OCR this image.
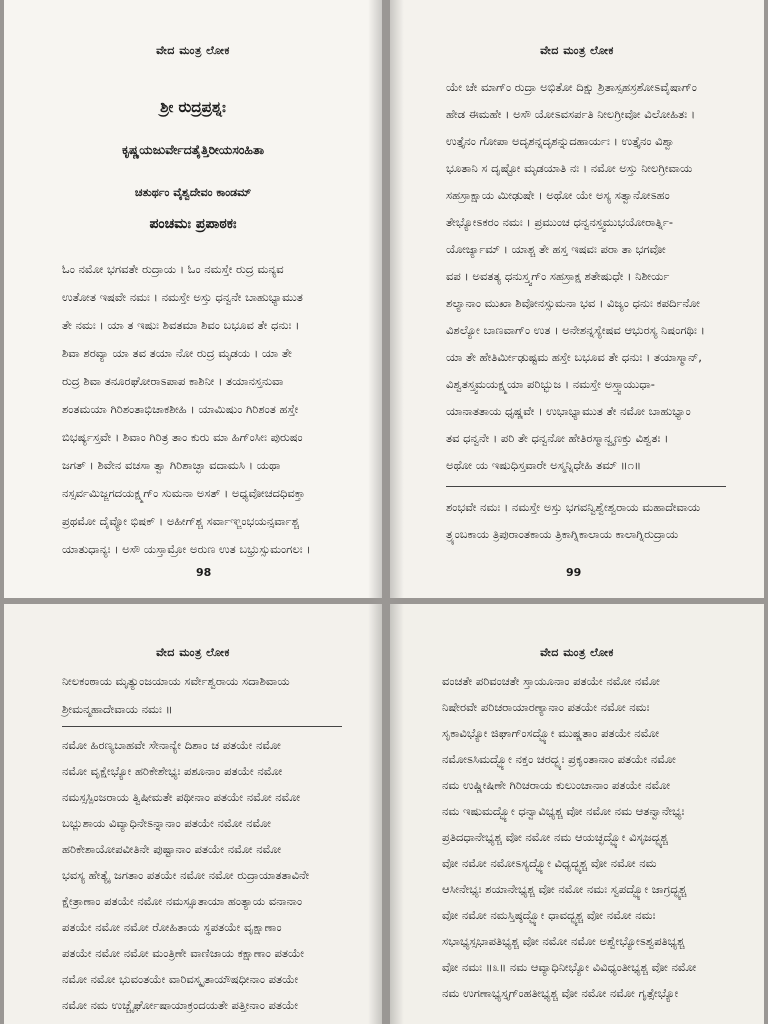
ವೇದ ಮಂತ್ರ ಲೋಕ
ಶ್ರೀ ರುದ್ರಪ್ರಶ್ನಃ
ಕೃಷ್ಣಯಜುರ್ವೇದತೈತ್ತಿರೀಯಸಂಹಿತಾ
ಚತುರ್ಥಂ ವೈಶ್ವದೇವಂ ಕಾಂಡಮ್
ಪಂಚಮಃ ಪ್ರಪಾಠಕಃ
ಓಂ ನಮೋ ಭಗವತೇ ರುದ್ರಾಯ । ಓಂ ನಮಸ್ತೇ ರುದ್ರ ಮನ್ಯವ
ಉತೋತ ಇಷವೇ ನಮಃ । ನಮಸ್ತೇ ಅಸ್ತು ಧನ್ವನೇ ಬಾಹುಭ್ಯಾಮುತ
ತೇ ನಮಃ । ಯಾ ತ ಇಷುಃ ಶಿವತಮಾ ಶಿವಂ ಬಭೂವ ತೇ ಧನುಃ ।
ಶಿವಾ ಶರವ್ಯಾ ಯಾ ತವ ತಯಾ ನೋ ರುದ್ರ ಮೃಡಯ । ಯಾ ತೇ
ರುದ್ರ ಶಿವಾ ತನೂರಘೋರಾಽಪಾಪ ಕಾಶಿನೀ । ತಯಾನಸ್ತನುವಾ
ಶಂತಮಯಾ ಗಿರಿಶಂತಾಭಿಚಾಕಶೀಹಿ । ಯಾಮಿಷುಂ ಗಿರಿಶಂತ ಹಸ್ತೇ
ಬಿಭರ್ಷ್ಯಸ್ತವೇ । ಶಿವಾಂ ಗಿರಿತ್ರ ತಾಂ ಕುರು ಮಾ ಹಿಗ್‌ಂಸೀಃ ಪುರುಷಂ
ಜಗತ್ । ಶಿವೇನ ವಚಸಾ ತ್ವಾ ಗಿರಿಶಾಚ್ಛಾ ವದಾಮಸಿ । ಯಥಾ
ನಸ್ಸರ್ವಮಿಜ್ಜಗದಯಕ್ಷ್ಮಗ್‌ಂ ಸುಮನಾ ಅಸತ್ । ಅಧ್ಯವೋಚದಧಿವಕ್ತಾ
ಪ್ರಥಮೋ ದೈವ್ಯೋ ಭಿಷಕ್ । ಅಹೀಗ್‌ಶ್ಚ ಸರ್ವಾಞ್ಜಂಭಯನ್ಸರ್ವಾಶ್ಚ
ಯಾತುಧಾನ್ಯಃ । ಅಸೌ ಯಸ್ತಾಮ್ರೋ ಅರುಣ ಉತ ಬಭ್ರುಸ್ಸುಮಂಗಲಃ ।
98
ವೇದ ಮಂತ್ರ ಲೋಕ
ಯೇ ಚೇ ಮಾಗ್‌ಂ ರುದ್ರಾ ಅಭಿತೋ ದಿಕ್ಷು ಶ್ರಿತಾಸ್ಸಹಸ್ರಶೋಽವೈಷಾಗ್‌ಂ
ಹೇಡ ಈಮಹೇ । ಅಸೌ ಯೋಽವಸರ್ಪತಿ ನೀಲಗ್ರೀವೋ ವಿಲೋಹಿತಃ ।
ಉತ್ತೈನಂ ಗೋಪಾ ಅದೃಶನ್ನದೃಶನ್ನುದಹಾರ್ಯಃ । ಉತ್ತೈನಂ ವಿಶ್ವಾ
ಭೂತಾನಿ ಸ ದೃಷ್ಟೋ ಮೃಡಯಾತಿ ನಃ । ನಮೋ ಅಸ್ತು ನೀಲಗ್ರೀವಾಯ
ಸಹಸ್ರಾಕ್ಷಾಯ ಮೀಢುಷೇ । ಅಥೋ ಯೇ ಅಸ್ಯ ಸತ್ವಾನೋಽಹಂ
ತೇಭ್ಯೋಽಕರಂ ನಮಃ । ಪ್ರಮುಂಚ ಧನ್ವನಸ್ತ್ವಮುಭಯೋರಾರ್ತ್ನಿ-
ಯೋರ್ಜ್ಯಾಮ್ । ಯಾಶ್ಚ ತೇ ಹಸ್ತ ಇಷವಃ ಪರಾ ತಾ ಭಗವೋ
ವಪ । ಅವತತ್ಯ ಧನುಸ್ತ್ವಗ್‌ಂ ಸಹಸ್ರಾಕ್ಷ ಶತೇಷುಧೇ । ನಿಶೀರ್ಯ
ಶಲ್ಯಾನಾಂ ಮುಖಾ ಶಿವೋನಸ್ಸುಮನಾ ಭವ । ವಿಜ್ಯಂ ಧನುಃ ಕಪರ್ದಿನೋ
ವಿಶಲ್ಯೋ ಬಾಣವಾಗ್‌ಂ ಉತ । ಅನೇಶನ್ನಸ್ಯೇಷವ ಆಭುರಸ್ಯ ನಿಷಂಗಥಿಃ ।
ಯಾ ತೇ ಹೇತಿರ್ಮೀಢುಷ್ಟಮ ಹಸ್ತೇ ಬಭೂವ ತೇ ಧನುಃ । ತಯಾಸ್ಮಾನ್,
ವಿಶ್ವತಸ್ತ್ವಮಯಕ್ಷ್ಮಯಾ ಪರಿಭ್ಭುಜ । ನಮಸ್ತೇ ಅಸ್ತ್ವಾಯುಧಾ-
ಯಾನಾತತಾಯ ಧೃಷ್ಣವೇ । ಉಭಾಭ್ಯಾಮುತ ತೇ ನಮೋ ಬಾಹುಭ್ಯಾಂ
ತವ ಧನ್ವನೇ । ಪರಿ ತೇ ಧನ್ವನೋ ಹೇತಿರಸ್ಮಾನ್ವೃಣಕ್ತು ವಿಶ್ವತಃ ।
ಅಥೋ ಯ ಇಷುಧಿಸ್ತವಾರೇ ಅಸ್ಮನ್ನಿಧೇಹಿ ತಮ್ ॥೧॥
ಶಂಭವೇ ನಮಃ । ನಮಸ್ತೇ ಅಸ್ತು ಭಗವನ್ವಿಶ್ವೇಶ್ವರಾಯ ಮಹಾದೇವಾಯ
ತ್ರ್ಯಂಬಕಾಯ ತ್ರಿಪುರಾಂತಕಾಯ ತ್ರಿಕಾಗ್ನಿಕಾಲಾಯ ಕಾಲಾಗ್ನಿರುದ್ರಾಯ
99
ವೇದ ಮಂತ್ರ ಲೋಕ
ನೀಲಕಂಠಾಯ ಮೃತ್ಯುಂಜಯಾಯ ಸರ್ವೇಶ್ವರಾಯ ಸದಾಶಿವಾಯ
ಶ್ರೀಮನ್ಮಹಾದೇವಾಯ ನಮಃ ॥
ನಮೋ ಹಿರಣ್ಯಬಾಹವೇ ಸೇನಾನ್ಯೇ ದಿಶಾಂ ಚ ಪತಯೇ ನಮೋ
ನಮೋ ವೃಕ್ಷೇಭ್ಯೋ ಹರಿಕೇಶೇಭ್ಯಃ ಪಶೂನಾಂ ಪತಯೇ ನಮೋ
ನಮಸ್ಸಸ್ಪಿಂಜರಾಯ ತ್ವಿಷೀಮತೇ ಪಥೀನಾಂ ಪತಯೇ ನಮೋ ನಮೋ
ಬಭ್ಲುಶಾಯ ವಿವ್ಯಾಧಿನೇಽನ್ನಾನಾಂ ಪತಯೇ ನಮೋ ನಮೋ
ಹರಿಕೇಶಾಯೋಪವೀತಿನೇ ಪುಷ್ಟಾನಾಂ ಪತಯೇ ನಮೋ ನಮೋ
ಭವಸ್ಯ ಹೇತ್ಯೈ ಜಗತಾಂ ಪತಯೇ ನಮೋ ನಮೋ ರುದ್ರಾಯಾತತಾವಿನೇ
ಕ್ಷೇತ್ರಾಣಾಂ ಪತಯೇ ನಮೋ ನಮಸ್ಸೂತಾಯಾ ಹಂತ್ಯಾಯ ವನಾನಾಂ
ಪತಯೇ ನಮೋ ನಮೋ ರೋಹಿತಾಯ ಸ್ಥಪತಯೇ ವೃಕ್ಷಾಣಾಂ
ಪತಯೇ ನಮೋ ನಮೋ ಮಂತ್ರಿಣೇ ವಾಣಿಜಾಯ ಕಕ್ಷಾಣಾಂ ಪತಯೇ
ನಮೋ ನಮೋ ಭುವಂತಯೇ ವಾರಿವಸ್ಕೃತಾಯೌಷಧೀನಾಂ ಪತಯೇ
ನಮೋ ನಮ ಉಚ್ಚೈರ್ಘೋಷಾಯಾಕ್ರಂದಯತೇ ಪತ್ತೀನಾಂ ಪತಯೇ
ವೇದ ಮಂತ್ರ ಲೋಕ
ವಂಚತೇ ಪರಿವಂಚತೇ ಸ್ತಾಯೂನಾಂ ಪತಯೇ ನಮೋ ನಮೋ
ನಿಷೇರವೇ ಪರಿಚರಾಯಾರಣ್ಯಾನಾಂ ಪತಯೇ ನಮೋ ನಮಃ
ಸೃಕಾವಿಭ್ಯೋ ಜಿಘಾಗ್‌ಂಸದ್ಭ್ಯೋ ಮುಷ್ಣತಾಂ ಪತಯೇ ನಮೋ
ನಮೋಽಸಿಮದ್ಭ್ಯೋ ನಕ್ತಂ ಚರದ್ಭ್ಯಃ ಪ್ರಕೃಂತಾನಾಂ ಪತಯೇ ನಮೋ
ನಮ ಉಷ್ಣೀಷಿಣೇ ಗಿರಿಚರಾಯ ಕುಲುಂಚಾನಾಂ ಪತಯೇ ನಮೋ
ನಮ ಇಷುಮದ್ಭ್ಯೋ ಧನ್ವಾವಿಭ್ಯಶ್ಚ ವೋ ನಮೋ ನಮ ಆತನ್ವಾನೇಭ್ಯಃ
ಪ್ರತಿದಧಾನೇಭ್ಯಶ್ಚ ವೋ ನಮೋ ನಮ ಆಯಚ್ಛದ್ಭ್ಯೋ ವಿಸೃಜದ್ಭ್ಯಶ್ಚ
ವೋ ನಮೋ ನಮೋಽಸ್ಯದ್ಭ್ಯೋ ವಿಧ್ಯದ್ಭ್ಯಶ್ಚ ವೋ ನಮೋ ನಮ
ಆಸೀನೇಭ್ಯಃ ಶಯಾನೇಭ್ಯಶ್ಚ ವೋ ನಮೋ ನಮಃ ಸ್ವಪದ್ಭ್ಯೋ ಜಾಗ್ರದ್ಭ್ಯಶ್ಚ
ವೋ ನಮೋ ನಮಸ್ತಿಷ್ಠದ್ಭ್ಯೋ ಧಾವದ್ಭ್ಯಶ್ಚ ವೋ ನಮೋ ನಮಃ
ಸಭಾಭ್ಯಸ್ಸಭಾಪತಿಭ್ಯಶ್ಚ ವೋ ನಮೋ ನಮೋ ಅಶ್ವೇಭ್ಯೋಽಶ್ವಪತಿಭ್ಯಶ್ಚ
ವೋ ನಮಃ ॥೩॥ ನಮ ಆವ್ಯಾಧಿನೀಭ್ಯೋ ವಿವಿಧ್ಯಂತೀಭ್ಯಶ್ಚ ವೋ ನಮೋ
ನಮ ಉಗಣಾಭ್ಯಸ್ತೃಗ್‌ಂಹತೀಭ್ಯಶ್ಚ ವೋ ನಮೋ ನಮೋ ಗೃತ್ಸೇಭ್ಯೋ
